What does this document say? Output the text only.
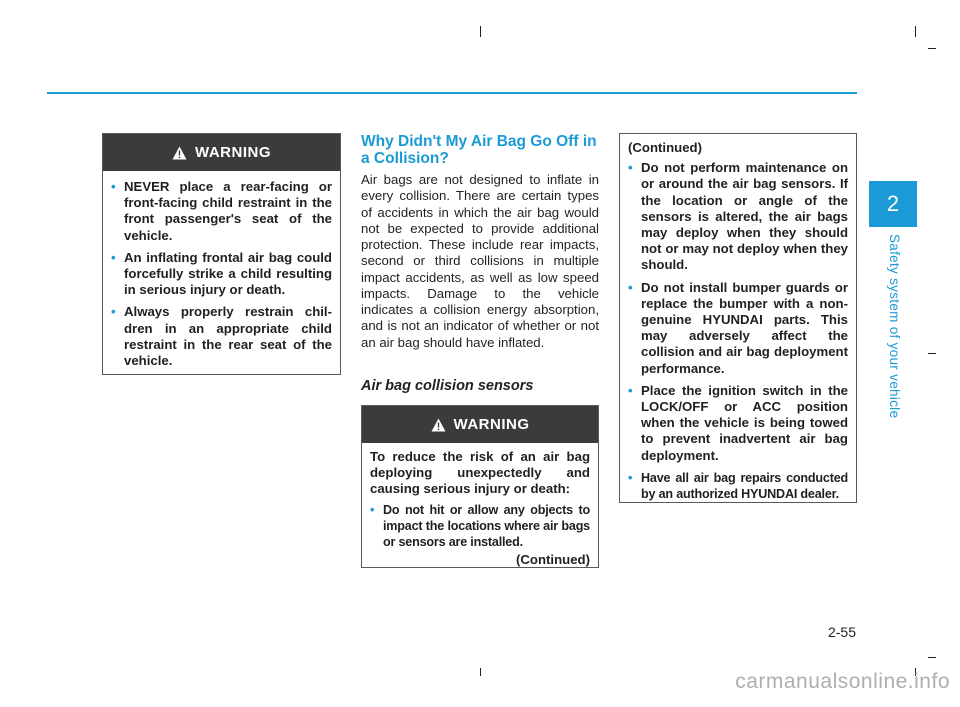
2
Safety system of your vehicle
WARNING
• NEVER place a rear-facing or front-facing child restraint in the front passenger's seat of the vehicle.
• An inflating frontal air bag could forcefully strike a child resulting in serious injury or death.
• Always properly restrain children in an appropriate child restraint in the rear seat of the vehicle.
Why Didn't My Air Bag Go Off in a Collision?

Air bags are not designed to inflate in every collision. There are certain types of accidents in which the air bag would not be expected to provide additional protection. These include rear impacts, second or third collisions in multiple impact accidents, as well as low speed impacts. Damage to the vehicle indicates a collision energy absorption, and is not an indicator of whether or not an air bag should have inflated.

Air bag collision sensors
WARNING

To reduce the risk of an air bag deploying unexpectedly and causing serious injury or death:

• Do not hit or allow any objects to impact the locations where air bags or sensors are installed.
(Continued)

(Continued)

• Do not perform maintenance on or around the air bag sensors. If the location or angle of the sensors is altered, the air bags may deploy when they should not or may not deploy when they should.
• Do not install bumper guards or replace the bumper with a non-genuine HYUNDAI parts. This may adversely affect the collision and air bag deployment performance.
• Place the ignition switch in the LOCK/OFF or ACC position when the vehicle is being towed to prevent inadvertent air bag deployment.
• Have all air bag repairs conducted by an authorized HYUNDAI dealer.
2-55
carmanualsonline.info
